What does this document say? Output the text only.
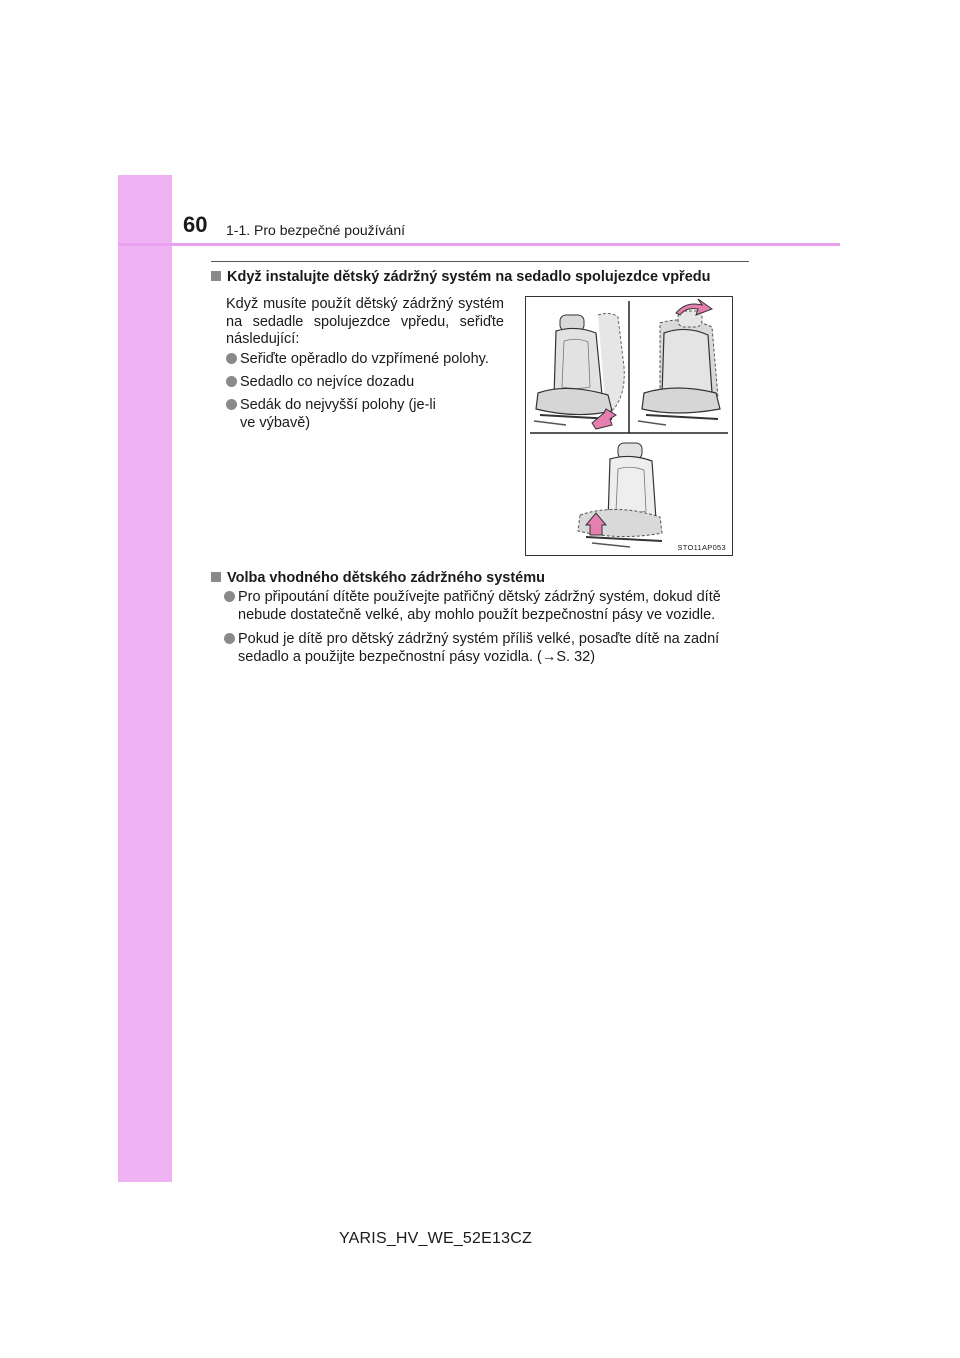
60 1-1. Pro bezpečné používání
Když instalujte dětský zádržný systém na sedadlo spolujezdce vpředu
Když musíte použít dětský zádržný systém na sedadle spolujezdce vpředu, seřiďte následující:
Seřiďte opěradlo do vzpřímené polohy.
Sedadlo co nejvíce dozadu
Sedák do nejvyšší polohy (je-li ve výbavě)
STO11AP053
Volba vhodného dětského zádržného systému
Pro připoutání dítěte používejte patřičný dětský zádržný systém, dokud dítě nebude dostatečně velké, aby mohlo použít bezpečnostní pásy ve vozidle.
Pokud je dítě pro dětský zádržný systém příliš velké, posaďte dítě na zadní sedadlo a použijte bezpečnostní pásy vozidla. (→S. 32)
YARIS_HV_WE_52E13CZ
